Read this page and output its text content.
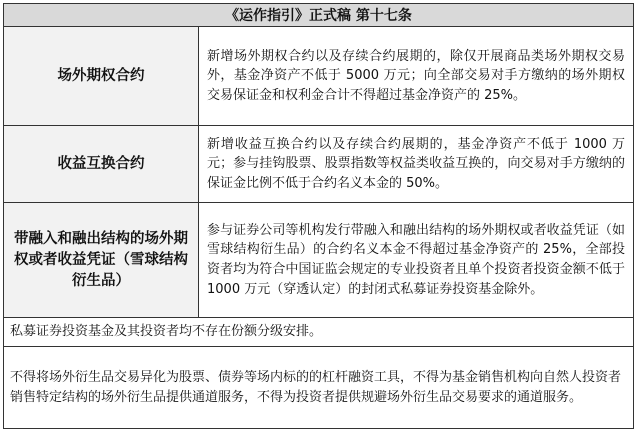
《运作指引》正式稿 第十七条	
场外期权合约	新增场外期权合约以及存续合约展期的，除仅开展商品类场外期权交易外，基金净资产不低于 5000 万元；向全部交易对手方缴纳的场外期权交易保证金和权利金合计不得超过基金净资产的 25%。
收益互换合约	新增收益互换合约以及存续合约展期的，基金净资产不低于 1000 万元；参与挂钩股票、股票指数等权益类收益互换的，向交易对手方缴纳的保证金比例不低于合约名义本金的 50%。
带融入和融出结构的场外期权或者收益凭证（雪球结构衍生品）	参与证券公司等机构发行带融入和融出结构的场外期权或者收益凭证（如雪球结构衍生品）的合约名义本金不得超过基金净资产的 25%，全部投资者均为符合中国证监会规定的专业投资者且单个投资者投资金额不低于 1000 万元（穿透认定）的封闭式私募证券投资基金除外。
私募证券投资基金及其投资者均不存在份额分级安排。	
不得将场外衍生品交易异化为股票、债券等场内标的的杠杆融资工具，不得为基金销售机构向自然人投资者销售特定结构的场外衍生品提供通道服务，不得为投资者提供规避场外衍生品交易要求的通道服务。	
